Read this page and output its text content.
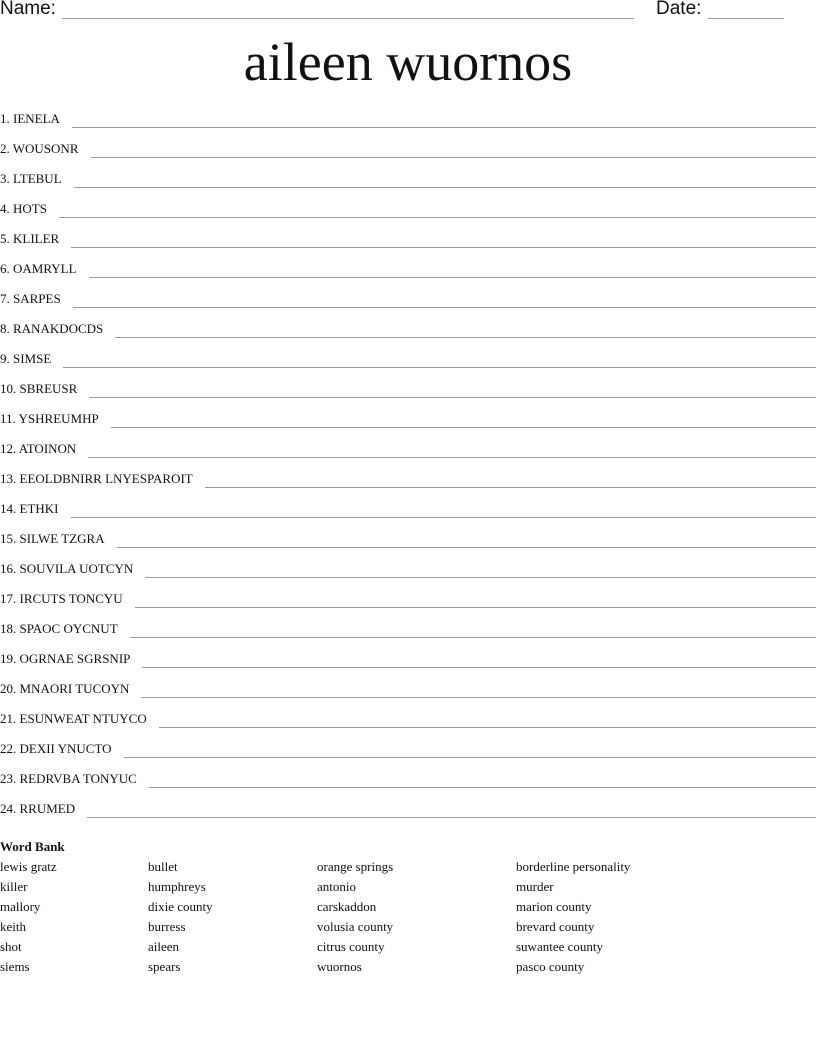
Name:	Date:
aileen wuornos
1. IENELA
2. WOUSONR
3. LTEBUL
4. HOTS
5. KLILER
6. OAMRYLL
7. SARPES
8. RANAKDOCDS
9. SIMSE
10. SBREUSR
11. YSHREUMHP
12. ATOINON
13. EEOLDBNIRR LNYESPAROIT
14. ETHKI
15. SILWE TZGRA
16. SOUVILA UOTCYN
17. IRCUTS TONCYU
18. SPAOC OYCNUT
19. OGRNAE SGRSNIP
20. MNAORI TUCOYN
21. ESUNWEAT NTUYCO
22. DEXII YNUCTO
23. REDRVBA TONYUC
24. RRUMED
Word Bank
lewis gratz
killer
mallory
keith
shot
siems
bullet
humphreys
dixie county
burress
aileen
spears
orange springs
antonio
carskaddon
volusia county
citrus county
wuornos
borderline personality
murder
marion county
brevard county
suwantee county
pasco county
